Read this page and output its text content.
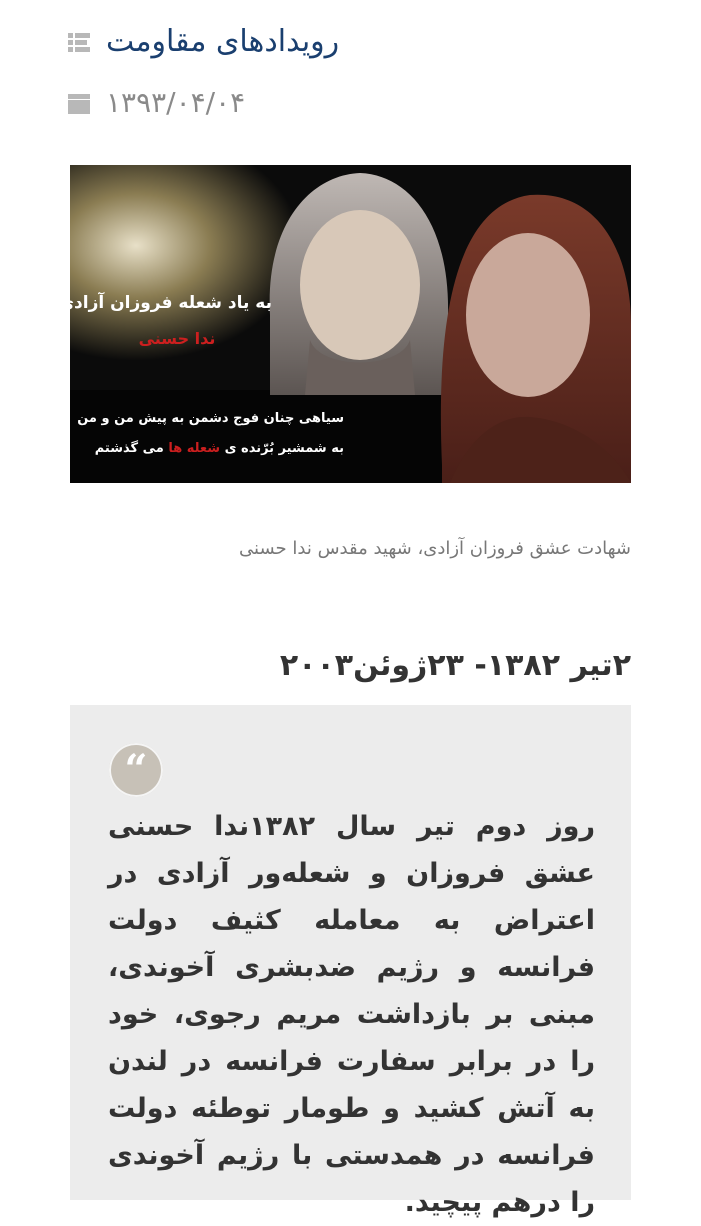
رویدادهای مقاومت
۱۳۹۳/۰۴/۰۴
به یاد شعله فروزان آزادی
ندا حسنی
سیاهی چنان فوج دشمن به پیش من و من
به شمشیر بُرّنده ی شعله ها می گذشتم
شهادت عشق فروزان آزادی، شهید مقدس ندا حسنی
۲تیر ۱۳۸۲- ۲۳ژوئن۲۰۰۳
“
روز دوم تیر سال ۱۳۸۲ندا حسنی عشق فروزان و شعله‌ور آزادی در اعتراض به معامله کثیف دولت فرانسه و رژیم ضدبشری آخوندی، مبنی بر بازداشت مریم رجوی، خود را در برابر سفارت فرانسه در لندن به آتش کشید و طومار توطئه دولت فرانسه در همدستی با رژیم آخوندی را درهم پیچید.
